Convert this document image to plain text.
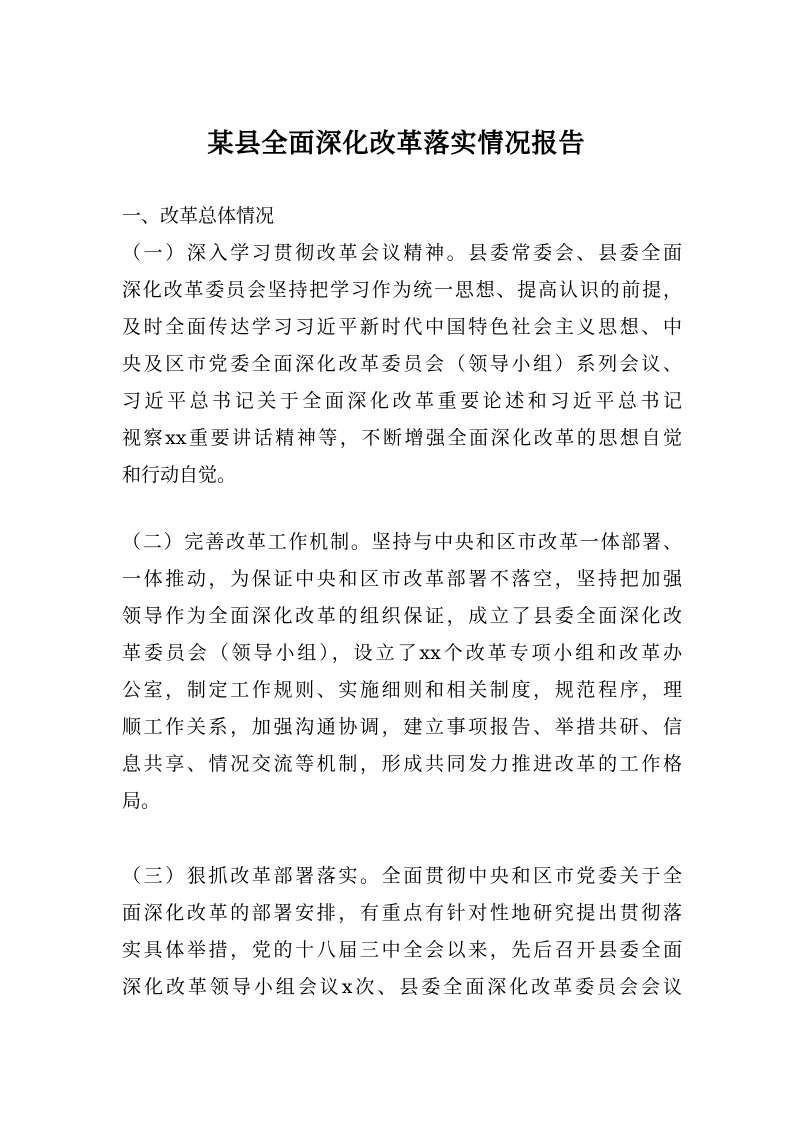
某县全面深化改革落实情况报告
一、改革总体情况
（一）深入学习贯彻改革会议精神。县委常委会、县委全面
深化改革委员会坚持把学习作为统一思想、提高认识的前提，
及时全面传达学习习近平新时代中国特色社会主义思想、中
央及区市党委全面深化改革委员会（领导小组）系列会议、
习近平总书记关于全面深化改革重要论述和习近平总书记
视察xx重要讲话精神等，不断增强全面深化改革的思想自觉
和行动自觉。
（二）完善改革工作机制。坚持与中央和区市改革一体部署、
一体推动，为保证中央和区市改革部署不落空，坚持把加强
领导作为全面深化改革的组织保证，成立了县委全面深化改
革委员会（领导小组），设立了xx个改革专项小组和改革办
公室，制定工作规则、实施细则和相关制度，规范程序，理
顺工作关系，加强沟通协调，建立事项报告、举措共研、信
息共享、情况交流等机制，形成共同发力推进改革的工作格
局。
（三）狠抓改革部署落实。全面贯彻中央和区市党委关于全
面深化改革的部署安排，有重点有针对性地研究提出贯彻落
实具体举措，党的十八届三中全会以来，先后召开县委全面
深化改革领导小组会议x次、县委全面深化改革委员会会议
